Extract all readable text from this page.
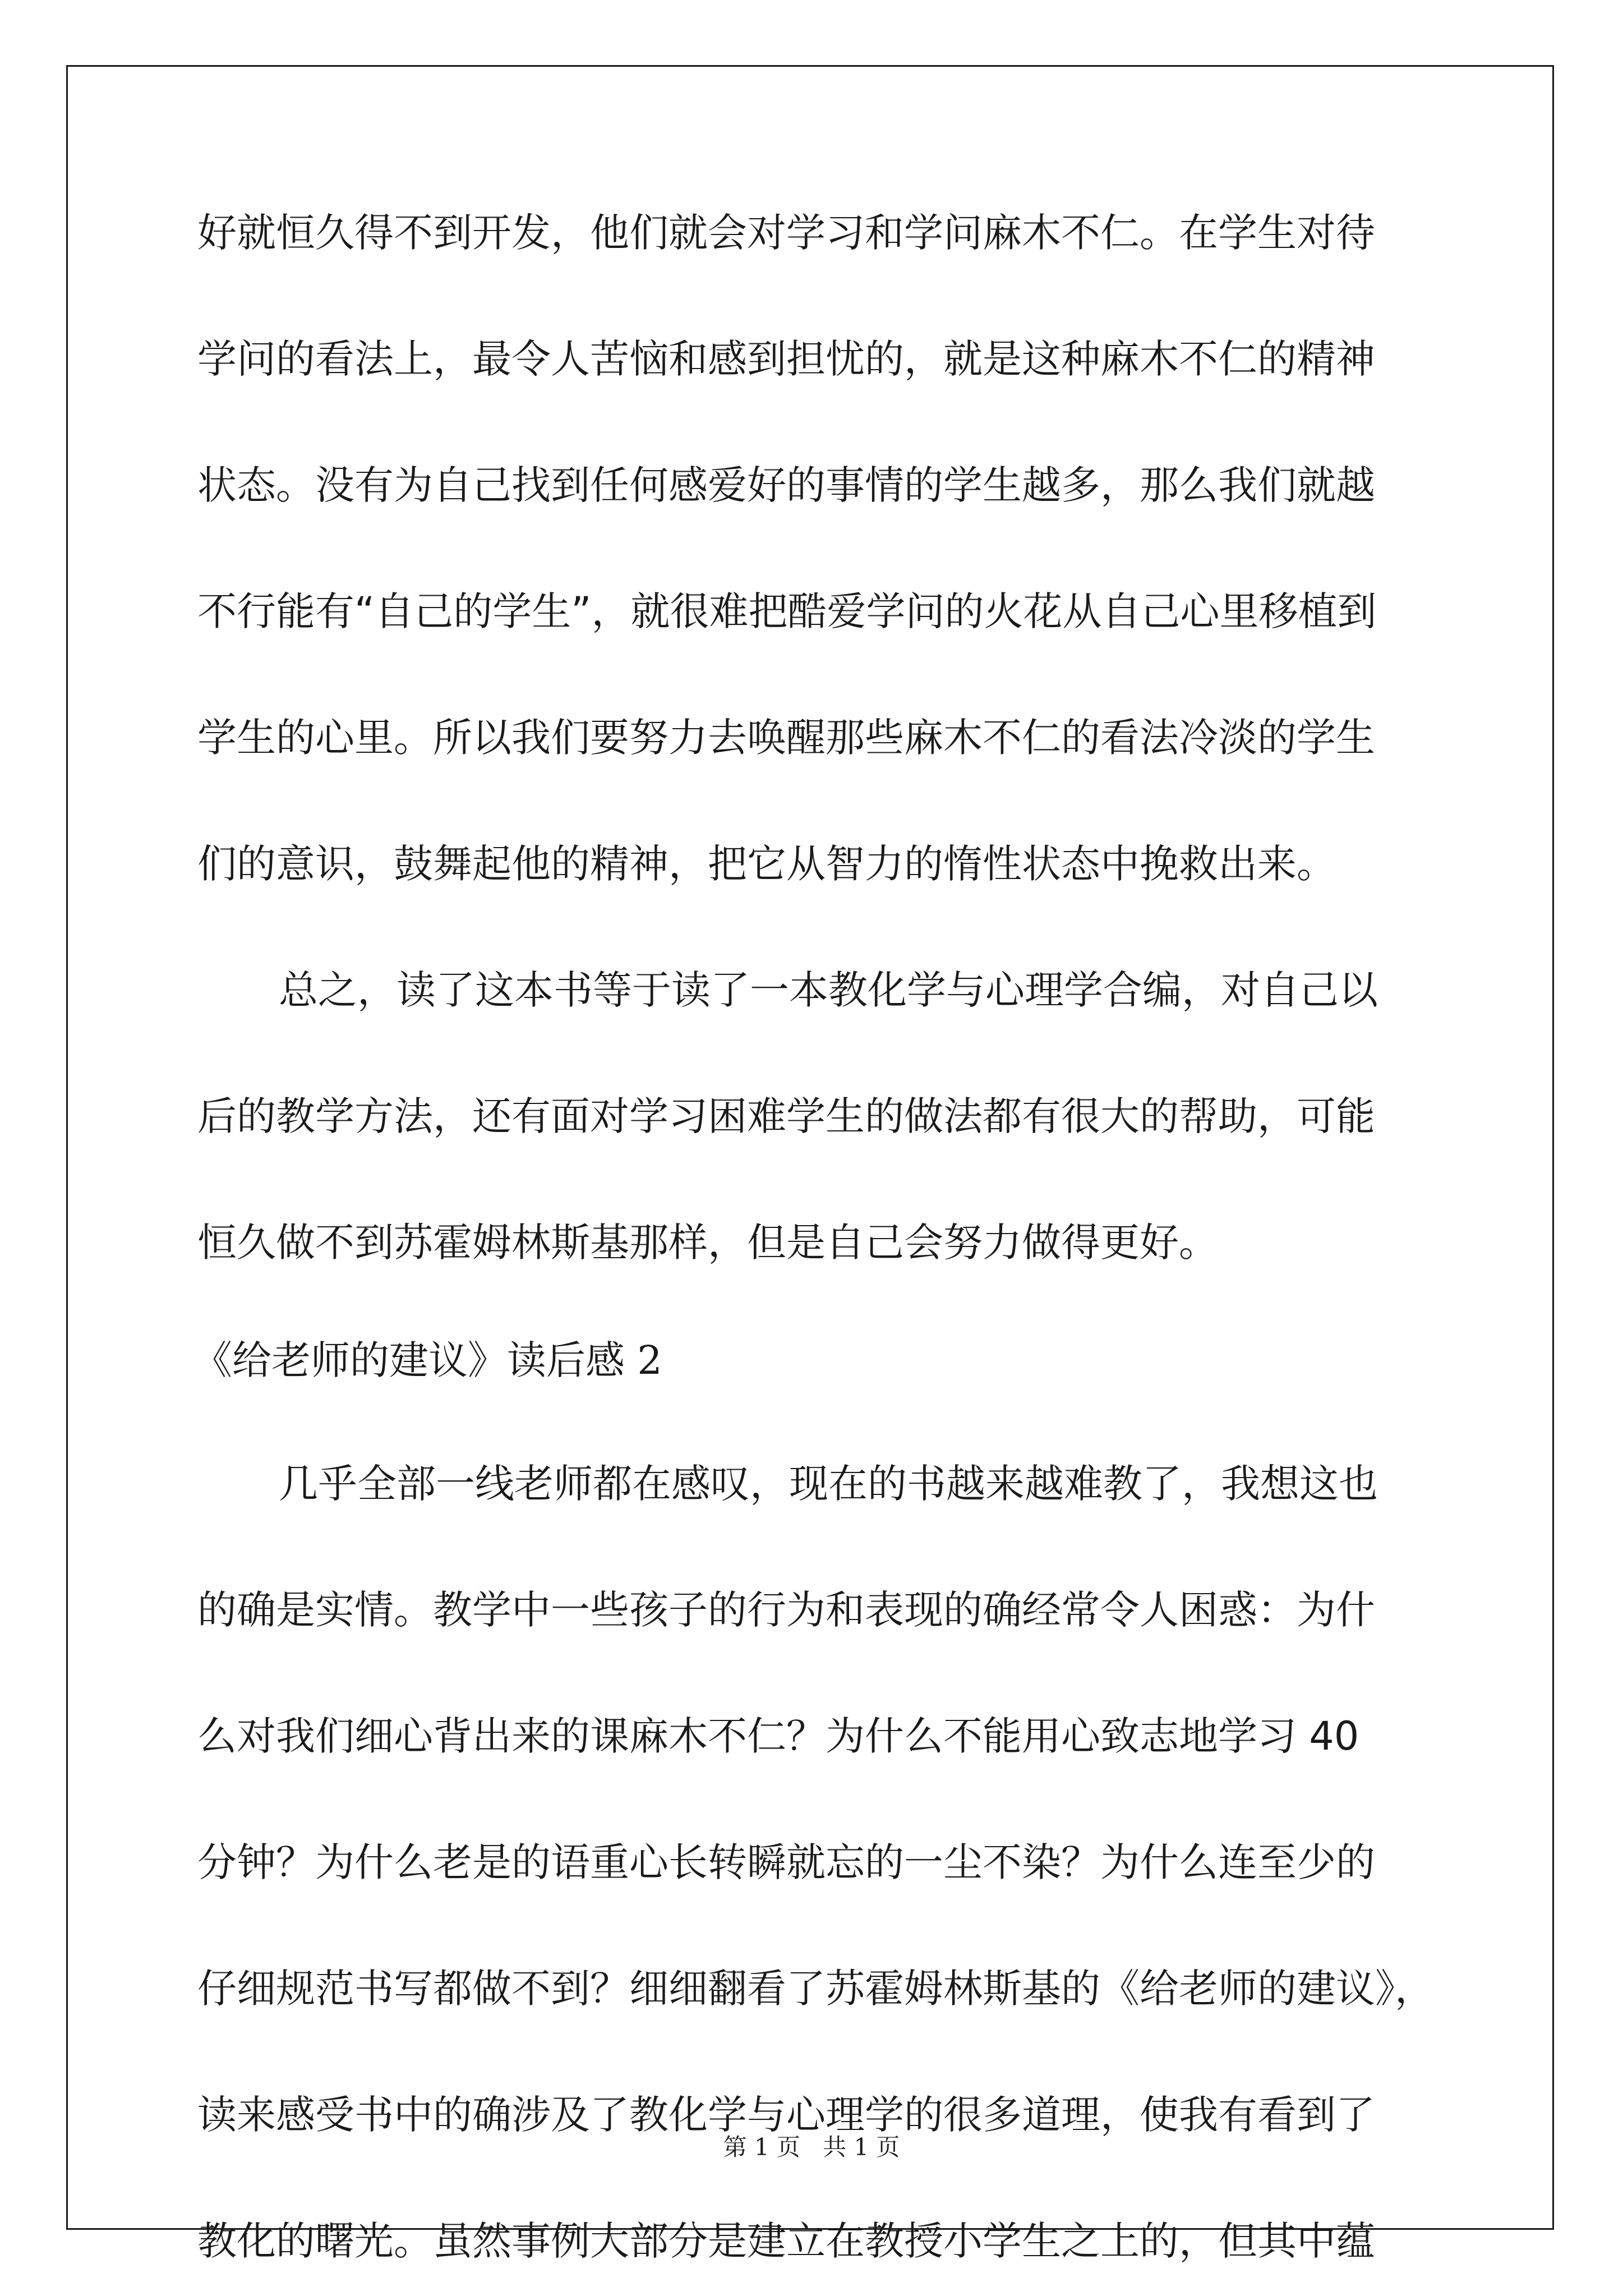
好就恒久得不到开发，他们就会对学习和学问麻木不仁。在学生对待
学问的看法上，最令人苦恼和感到担忧的，就是这种麻木不仁的精神
状态。没有为自己找到任何感爱好的事情的学生越多，那么我们就越
不行能有“自己的学生”，就很难把酷爱学问的火花从自己心里移植到
学生的心里。所以我们要努力去唤醒那些麻木不仁的看法冷淡的学生
们的意识，鼓舞起他的精神，把它从智力的惰性状态中挽救出来。
总之，读了这本书等于读了一本教化学与心理学合编，对自己以
后的教学方法，还有面对学习困难学生的做法都有很大的帮助，可能
恒久做不到苏霍姆林斯基那样，但是自己会努力做得更好。
《给老师的建议》读后感 2
几乎全部一线老师都在感叹，现在的书越来越难教了，我想这也
的确是实情。教学中一些孩子的行为和表现的确经常令人困惑：为什
么对我们细心背出来的课麻木不仁？为什么不能用心致志地学习 40
分钟？为什么老是的语重心长转瞬就忘的一尘不染？为什么连至少的
仔细规范书写都做不到？细细翻看了苏霍姆林斯基的《给老师的建议》，
读来感受书中的确涉及了教化学与心理学的很多道理，使我有看到了
教化的曙光。虽然事例大部分是建立在教授小学生之上的，但其中蕴
第 1 页 共 1 页
